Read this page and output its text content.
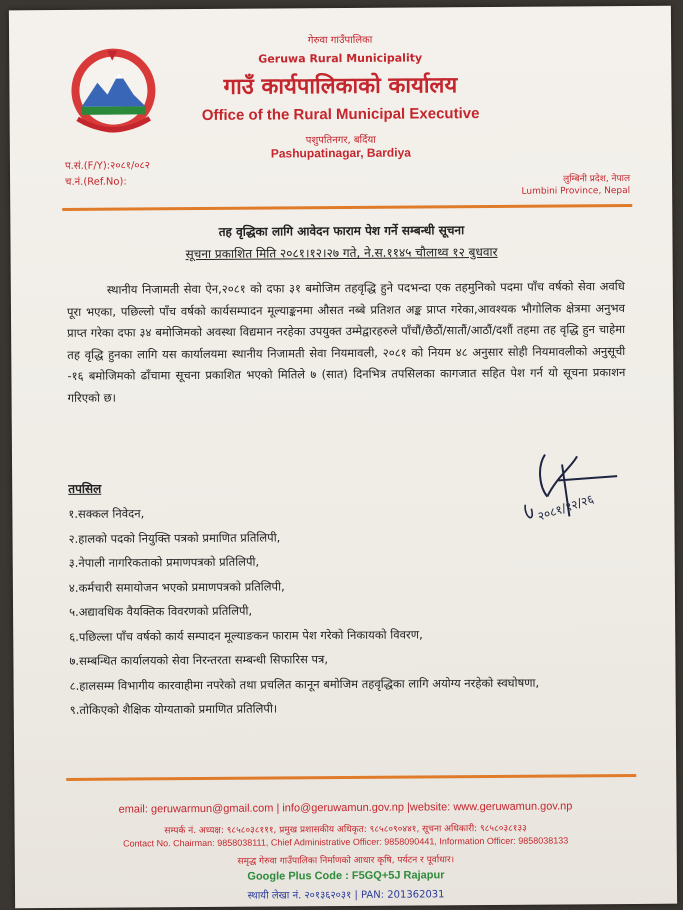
गेरुवा गाउँपालिका
Geruwa Rural Municipality
गाउँ कार्यपालिकाको कार्यालय
Office of the Rural Municipal Executive
पशुपतिनगर, बर्दिया
Pashupatinagar, Bardiya
प.सं.(F/Y):२०८१/०८२
च.नं.(Ref.No):	लुम्बिनी प्रदेश, नेपाल
Lumbini Province, Nepal
तह वृद्धिका लागि आवेदन फाराम पेश गर्ने सम्बन्धी सूचना
सूचना प्रकाशित मिति २०८१।१२।२७ गते, ने.स.११४५ चौलाथ्व १२ बुधवार
स्थानीय निजामती सेवा ऐन,२०८१ को दफा ३१ बमोजिम तहवृद्धि हुने पदभन्दा एक तहमुनिको पदमा पाँच वर्षको सेवा अवधि पूरा भएका, पछिल्लो पाँच वर्षको कार्यसम्पादन मूल्याङ्कनमा औसत नब्बे प्रतिशत अङ्क प्राप्त गरेका,आवश्यक भौगोलिक क्षेत्रमा अनुभव प्राप्त गरेका दफा ३४ बमोजिमको अवस्था विद्यमान नरहेका उपयुक्त उम्मेद्वारहरुले पाँचौं/छैठौं/सातौं/आठौं/दशौं तहमा तह वृद्धि हुन चाहेमा तह वृद्धि हुनका लागि यस कार्यालयमा स्थानीय निजामती सेवा नियमावली, २०८१ को नियम ४८ अनुसार सोही नियमावलीको अनुसूची -१६ बमोजिमको ढाँचामा सूचना प्रकाशित भएको मितिले ७ (सात) दिनभित्र तपसिलका कागजात सहित पेश गर्न यो सूचना प्रकाशन गरिएको छ।
२०८१/१२/२६
तपसिल
१.सक्कल निवेदन,
२.हालको पदको नियुक्ति पत्रको प्रमाणित प्रतिलिपी,
३.नेपाली नागरिकताको प्रमाणपत्रको प्रतिलिपी,
४.कर्मचारी समायोजन भएको प्रमाणपत्रको प्रतिलिपी,
५.अद्यावधिक वैयक्तिक विवरणको प्रतिलिपी,
६.पछिल्ला पाँच वर्षको कार्य सम्पादन मूल्याङकन फाराम पेश गरेको निकायको विवरण,
७.सम्बन्धित कार्यालयको सेवा निरन्तरता सम्बन्धी सिफारिस पत्र,
८.हालसम्म विभागीय कारवाहीमा नपरेको तथा प्रचलित कानून बमोजिम तहवृद्धिका लागि अयोग्य नरहेको स्वघोषणा,
९.तोकिएको शैक्षिक योग्यताको प्रमाणित प्रतिलिपी।
email: geruwarmun@gmail.com | info@geruwamun.gov.np |website: www.geruwamun.gov.np
सम्पर्क नं. अध्यक्ष: ९८५८०३८१११, प्रमुख प्रशासकीय अधिकृत: ९८५८०९०४४१, सूचना अधिकारी: ९८५८०३८१३३
Contact No. Chairman: 9858038111, Chief Administrative Officer: 9858090441, Information Officer: 9858038133
समृद्ध गेरुवा गाउँपालिका निर्माणको आधार कृषि, पर्यटन र पूर्वाधार।
Google Plus Code : F5GQ+5J Rajapur
स्थायी लेखा नं. २०१३६२०३१ | PAN: 201362031
